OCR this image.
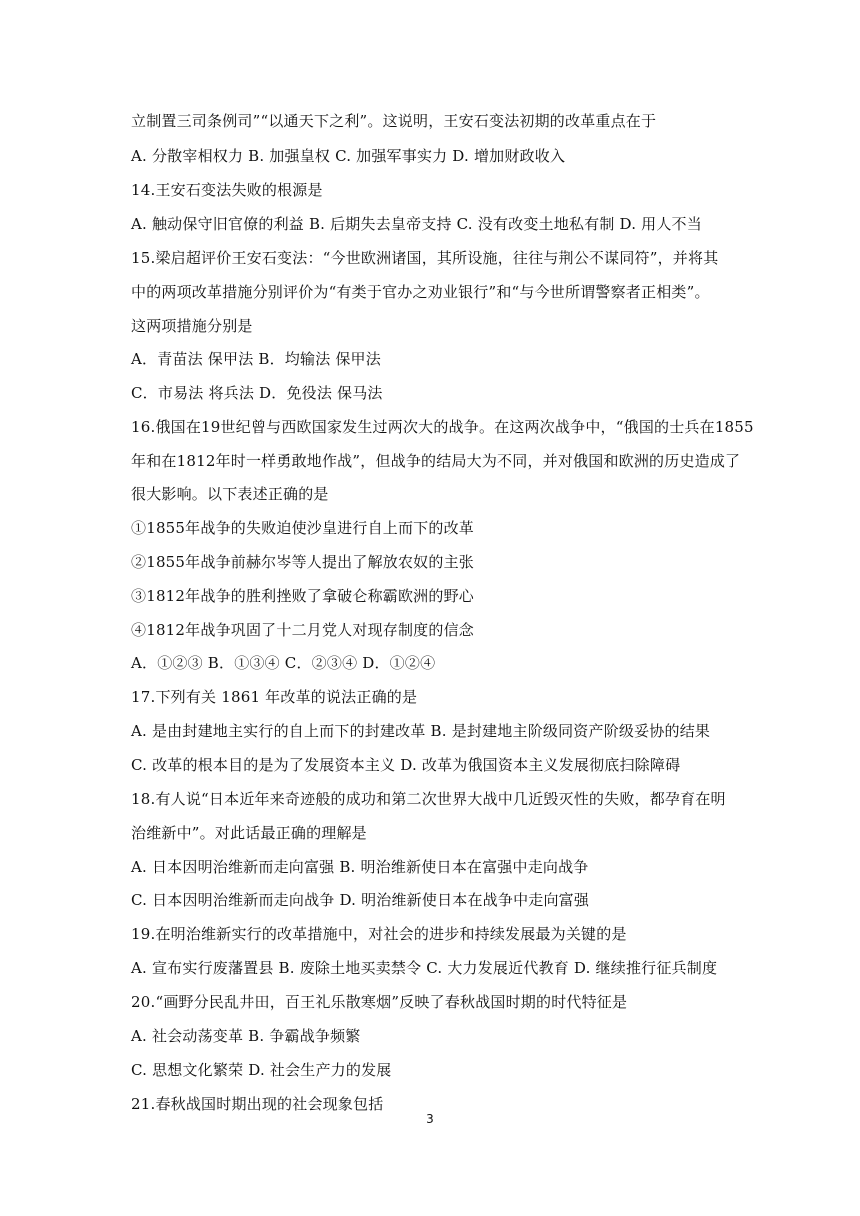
立制置三司条例司”“以通天下之利”。这说明，王安石变法初期的改革重点在于
A. 分散宰相权力 B. 加强皇权 C. 加强军事实力 D. 增加财政收入
14.王安石变法失败的根源是
A. 触动保守旧官僚的利益 B. 后期失去皇帝支持 C. 没有改变土地私有制 D. 用人不当
15.梁启超评价王安石变法：“今世欧洲诸国，其所设施，往往与荆公不谋同符”，并将其
中的两项改革措施分别评价为“有类于官办之劝业银行”和“与今世所谓警察者正相类”。
这两项措施分别是
A．青苗法 保甲法 B．均输法 保甲法
C．市易法 将兵法 D．免役法 保马法
16.俄国在19世纪曾与西欧国家发生过两次大的战争。在这两次战争中，“俄国的士兵在1855
年和在1812年时一样勇敢地作战”，但战争的结局大为不同，并对俄国和欧洲的历史造成了
很大影响。以下表述正确的是
①1855年战争的失败迫使沙皇进行自上而下的改革
②1855年战争前赫尔岑等人提出了解放农奴的主张
③1812年战争的胜利挫败了拿破仑称霸欧洲的野心
④1812年战争巩固了十二月党人对现存制度的信念
A．①②③ B．①③④ C．②③④ D．①②④
17.下列有关 1861 年改革的说法正确的是
A. 是由封建地主实行的自上而下的封建改革 B. 是封建地主阶级同资产阶级妥协的结果
C. 改革的根本目的是为了发展资本主义 D. 改革为俄国资本主义发展彻底扫除障碍
18.有人说“日本近年来奇迹般的成功和第二次世界大战中几近毁灭性的失败，都孕育在明
治维新中”。对此话最正确的理解是
A. 日本因明治维新而走向富强 B. 明治维新使日本在富强中走向战争
C. 日本因明治维新而走向战争 D. 明治维新使日本在战争中走向富强
19.在明治维新实行的改革措施中，对社会的进步和持续发展最为关键的是
A. 宣布实行废藩置县 B. 废除土地买卖禁令 C. 大力发展近代教育 D. 继续推行征兵制度
20.“画野分民乱井田，百王礼乐散寒烟”反映了春秋战国时期的时代特征是
A. 社会动荡变革 B. 争霸战争频繁
C. 思想文化繁荣 D. 社会生产力的发展
21.春秋战国时期出现的社会现象包括
3
